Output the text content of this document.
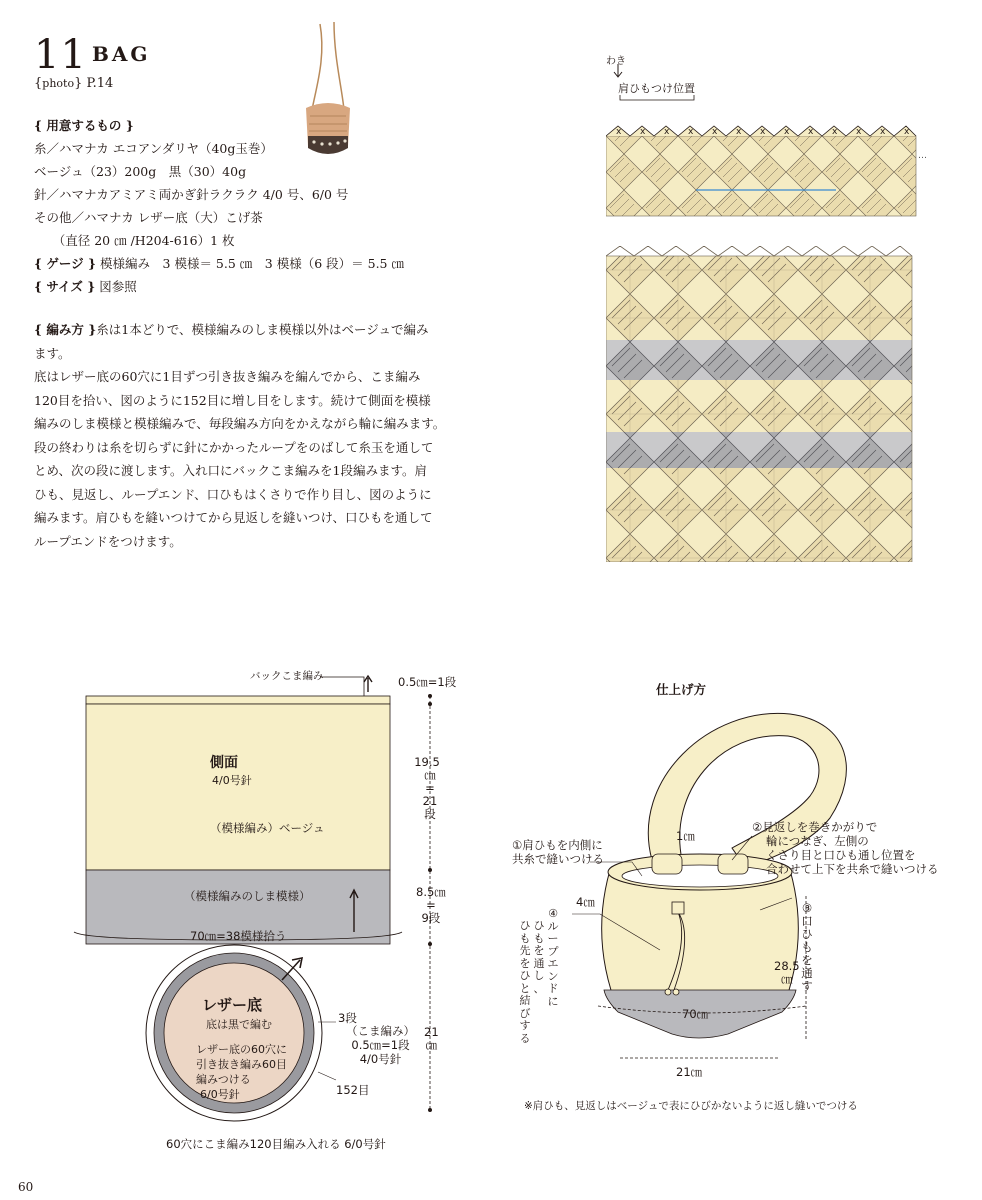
11 BAG
{photo} P.14
{ 用意するもの }
糸／ハマナカ エコアンダリヤ（40g玉巻）
ベージュ（23）200g　黒（30）40g
針／ハマナカアミアミ両かぎ針ラクラク 4/0 号、6/0 号
その他／ハマナカ レザー底（大）こげ茶
　　（直径 20 ㎝ /H204-616）1 枚
{ ゲージ } 模様編み　3 模様＝ 5.5 ㎝　3 模様（6 段）＝ 5.5 ㎝
{ サイズ } 図参照
{ 編み方 }糸は1本どりで、模様編みのしま模様以外はベージュで編み
ます。
底はレザー底の60穴に1目ずつ引き抜き編みを編んでから、こま編み
120目を拾い、図のように152目に増し目をします。続けて側面を模様
編みのしま模様と模様編みで、毎段編み方向をかえながら輪に編みます。
段の終わりは糸を切らずに針にかかったループをのばして糸玉を通して
とめ、次の段に渡します。入れ口にバックこま編みを1段編みます。肩
ひも、見返し、ループエンド、口ひもはくさりで作り目し、図のように
編みます。肩ひもを縫いつけてから見返しを縫いつけ、口ひもを通して
ループエンドをつけます。
わき
肩ひもつけ位置
x x x x x x x x x x x x x
…
バックこま編み
側面
4/0号針
（模様編み）ベージュ
（模様編みのしま模様）
70㎝=38模様拾う
0.5㎝=1段
19.5
㎝
=
21
段
8.5㎝
=
9段
21
㎝
レザー底
底は黒で編む
レザー底の60穴に
引き抜き編み60目
編みつける
6/0号針
3段
（こま編み）
0.5㎝=1段
4/0号針
152目
60穴にこま編み120目編み入れる 6/0号針
仕上げ方
①肩ひもを内側に
共糸で縫いつける
②見返しを巻きかがりで
輪につなぎ、左側の
くさり目と口ひも通し位置を
合わせて上下を共糸で縫いつける
1㎝
4㎝	③
口
ひ
も
を
通
す
28.5
㎝
④
ル
ー
プ
エ
ン
ド
に
ひ
も
を
通
し
、
ひ
も
先
を
ひ
と
結
び
す
る
70㎝
21㎝
※肩ひも、見返しはベージュで表にひびかないように返し縫いでつける
60
